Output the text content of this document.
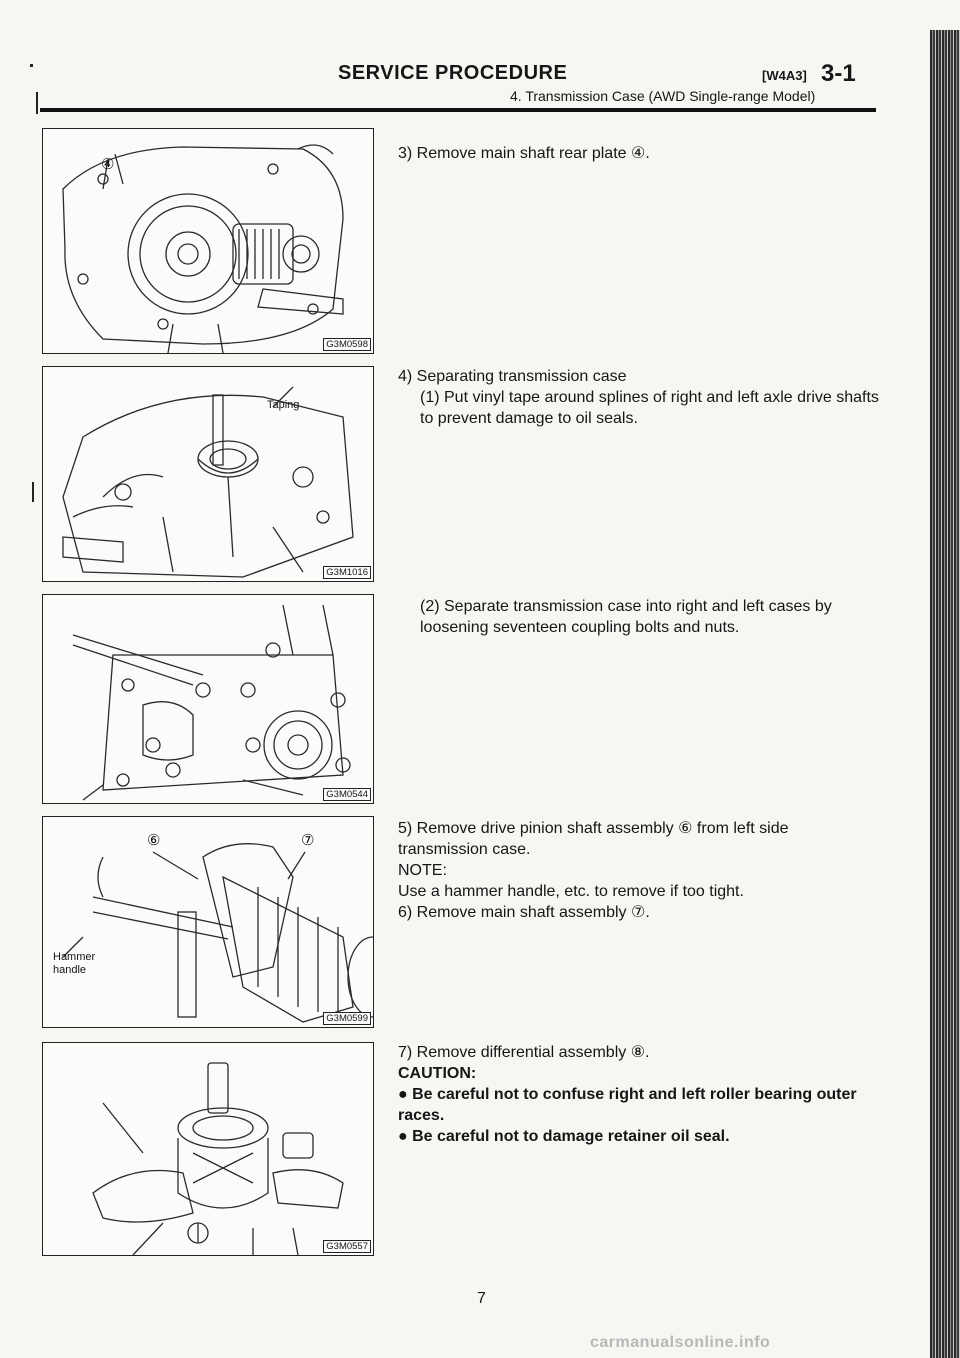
SERVICE PROCEDURE	[W4A3] 3-1
4. Transmission Case (AWD Single-range Model)
④
G3M0598
Taping
G3M1016
G3M0544
⑥	⑦
Hammer
handle
G3M0599
G3M0557

3) Remove main shaft rear plate ④.

4) Separating transmission case

(1) Put vinyl tape around splines of right and left axle drive shafts to prevent damage to oil seals.

(2) Separate transmission case into right and left cases by loosening seventeen coupling bolts and nuts.

5) Remove drive pinion shaft assembly ⑥ from left side transmission case.

NOTE:

Use a hammer handle, etc. to remove if too tight.

6) Remove main shaft assembly ⑦.

7) Remove differential assembly ⑧.

CAUTION:

● Be careful not to confuse right and left roller bearing outer races.

● Be careful not to damage retainer oil seal.

7
carmanualsonline.info
